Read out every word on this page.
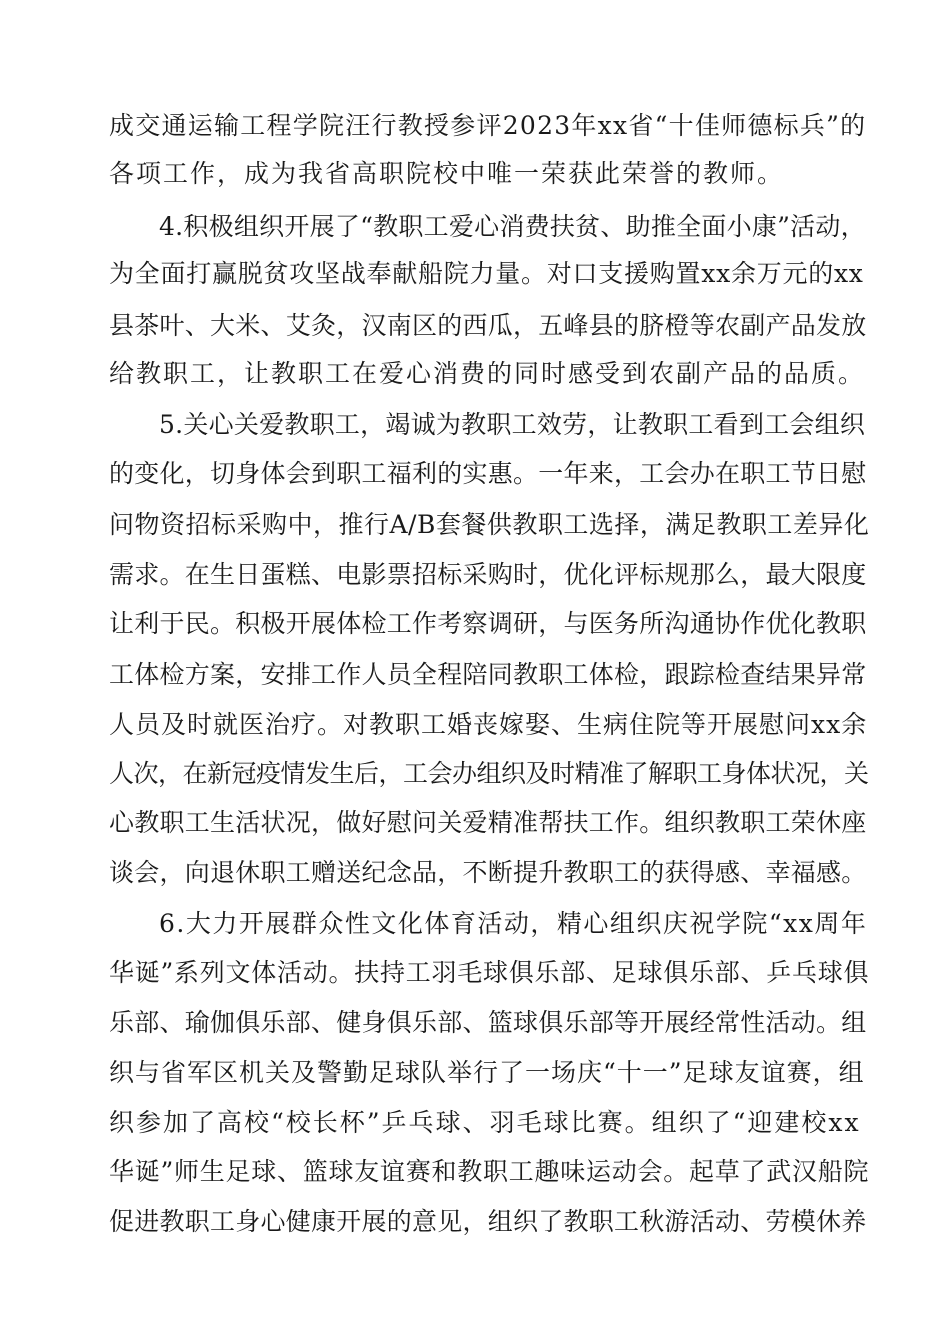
成交通运输工程学院汪行教授参评2023年xx省“十佳师德标兵”的
各项工作，成为我省高职院校中唯一荣获此荣誉的教师。
4.积极组织开展了“教职工爱心消费扶贫、助推全面小康”活动，
为全面打赢脱贫攻坚战奉献船院力量。对口支援购置xx余万元的xx
县茶叶、大米、艾灸，汉南区的西瓜，五峰县的脐橙等农副产品发放
给教职工，让教职工在爱心消费的同时感受到农副产品的品质。
5.关心关爱教职工，竭诚为教职工效劳，让教职工看到工会组织
的变化，切身体会到职工福利的实惠。一年来，工会办在职工节日慰
问物资招标采购中，推行A/B套餐供教职工选择，满足教职工差异化
需求。在生日蛋糕、电影票招标采购时，优化评标规那么，最大限度
让利于民。积极开展体检工作考察调研，与医务所沟通协作优化教职
工体检方案，安排工作人员全程陪同教职工体检，跟踪检查结果异常
人员及时就医治疗。对教职工婚丧嫁娶、生病住院等开展慰问xx余
人次，在新冠疫情发生后，工会办组织及时精准了解职工身体状况，关
心教职工生活状况，做好慰问关爱精准帮扶工作。组织教职工荣休座
谈会，向退休职工赠送纪念品，不断提升教职工的获得感、幸福感。
6.大力开展群众性文化体育活动，精心组织庆祝学院“xx周年
华诞”系列文体活动。扶持工羽毛球俱乐部、足球俱乐部、乒乓球俱
乐部、瑜伽俱乐部、健身俱乐部、篮球俱乐部等开展经常性活动。组
织与省军区机关及警勤足球队举行了一场庆“十一”足球友谊赛，组
织参加了高校“校长杯”乒乓球、羽毛球比赛。组织了“迎建校xx
华诞”师生足球、篮球友谊赛和教职工趣味运动会。起草了武汉船院
促进教职工身心健康开展的意见，组织了教职工秋游活动、劳模休养
